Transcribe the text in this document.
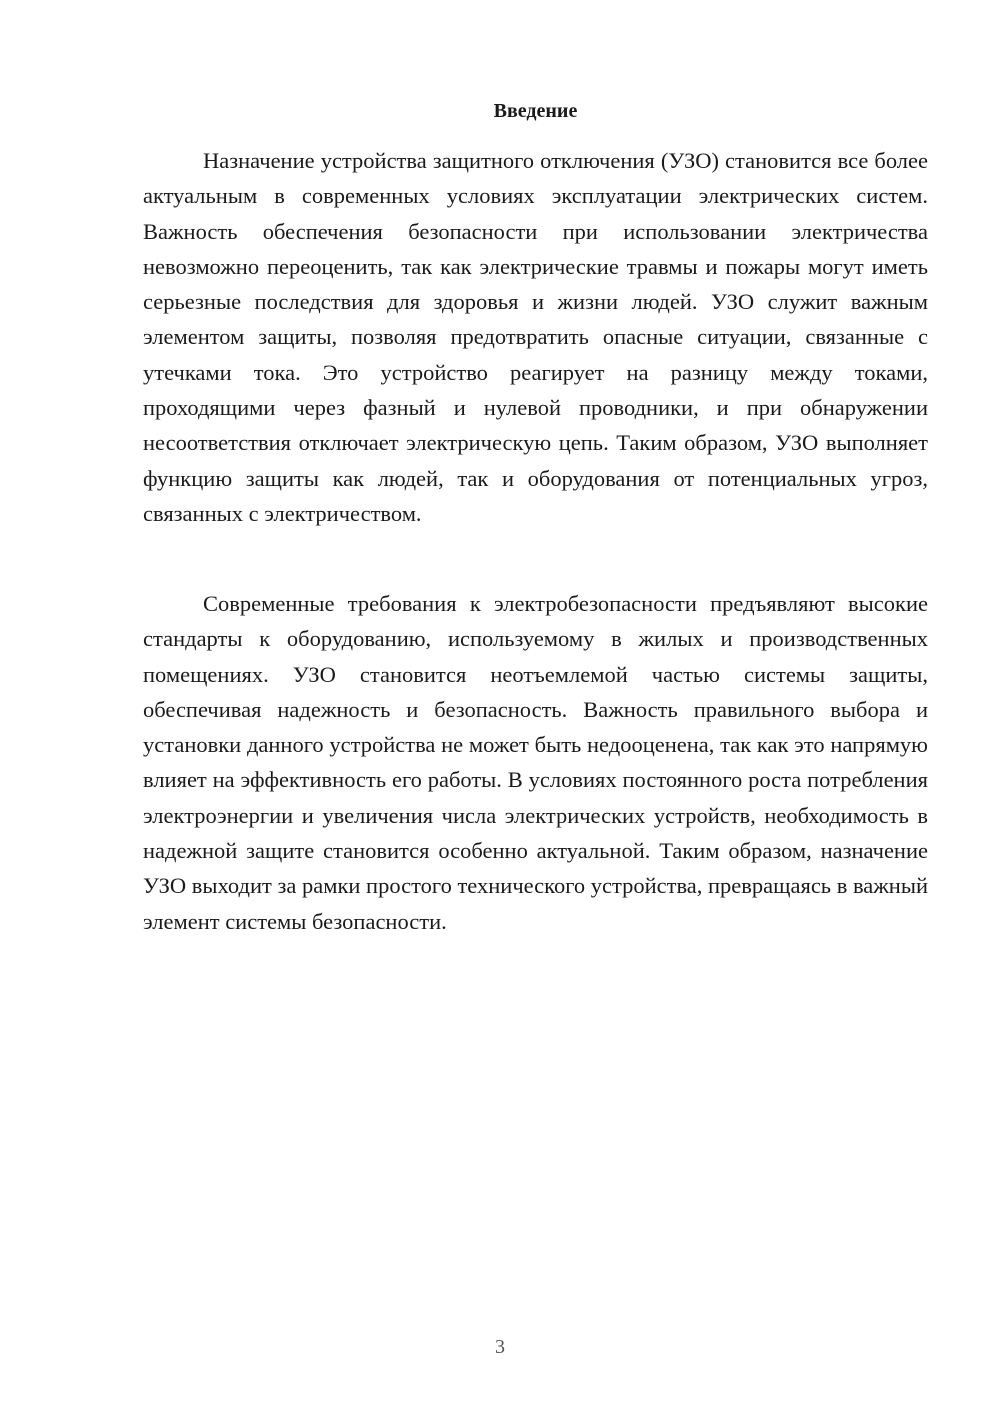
Введение

Назначение устройства защитного отключения (УЗО) становится все более актуальным в современных условиях эксплуатации электрических систем. Важность обеспечения безопасности при использовании электричества невозможно переоценить, так как электрические травмы и пожары могут иметь серьезные последствия для здоровья и жизни людей. УЗО служит важным элементом защиты, позволяя предотвратить опасные ситуации, связанные с утечками тока. Это устройство реагирует на разницу между токами, проходящими через фазный и нулевой проводники, и при обнаружении несоответствия отключает электрическую цепь. Таким образом, УЗО выполняет функцию защиты как людей, так и оборудования от потенциальных угроз, связанных с электричеством.

Современные требования к электробезопасности предъявляют высокие стандарты к оборудованию, используемому в жилых и производственных помещениях. УЗО становится неотъемлемой частью системы защиты, обеспечивая надежность и безопасность. Важность правильного выбора и установки данного устройства не может быть недооценена, так как это напрямую влияет на эффективность его работы. В условиях постоянного роста потребления электроэнергии и увеличения числа электрических устройств, необходимость в надежной защите становится особенно актуальной. Таким образом, назначение УЗО выходит за рамки простого технического устройства, превращаясь в важный элемент системы безопасности.

3
